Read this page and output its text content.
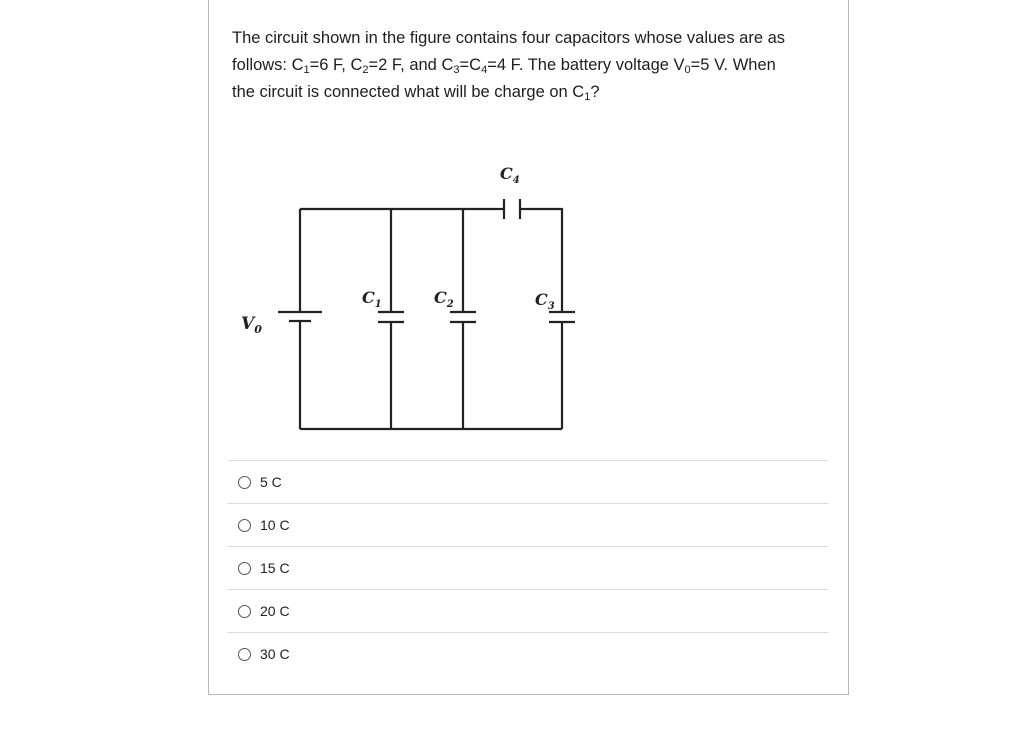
The circuit shown in the figure contains four capacitors whose values are as
follows: $C_1=6$ F, $C_2=2$ F, and $C_3=C_4=4$ F. The battery voltage $V_0=5$ V. When
the circuit is connected what will be charge on $C_1$?
$V_0$
$C_1$	$C_2$	$C_3$
$C_4$
5 C
10 C
15 C
20 C
30 C
